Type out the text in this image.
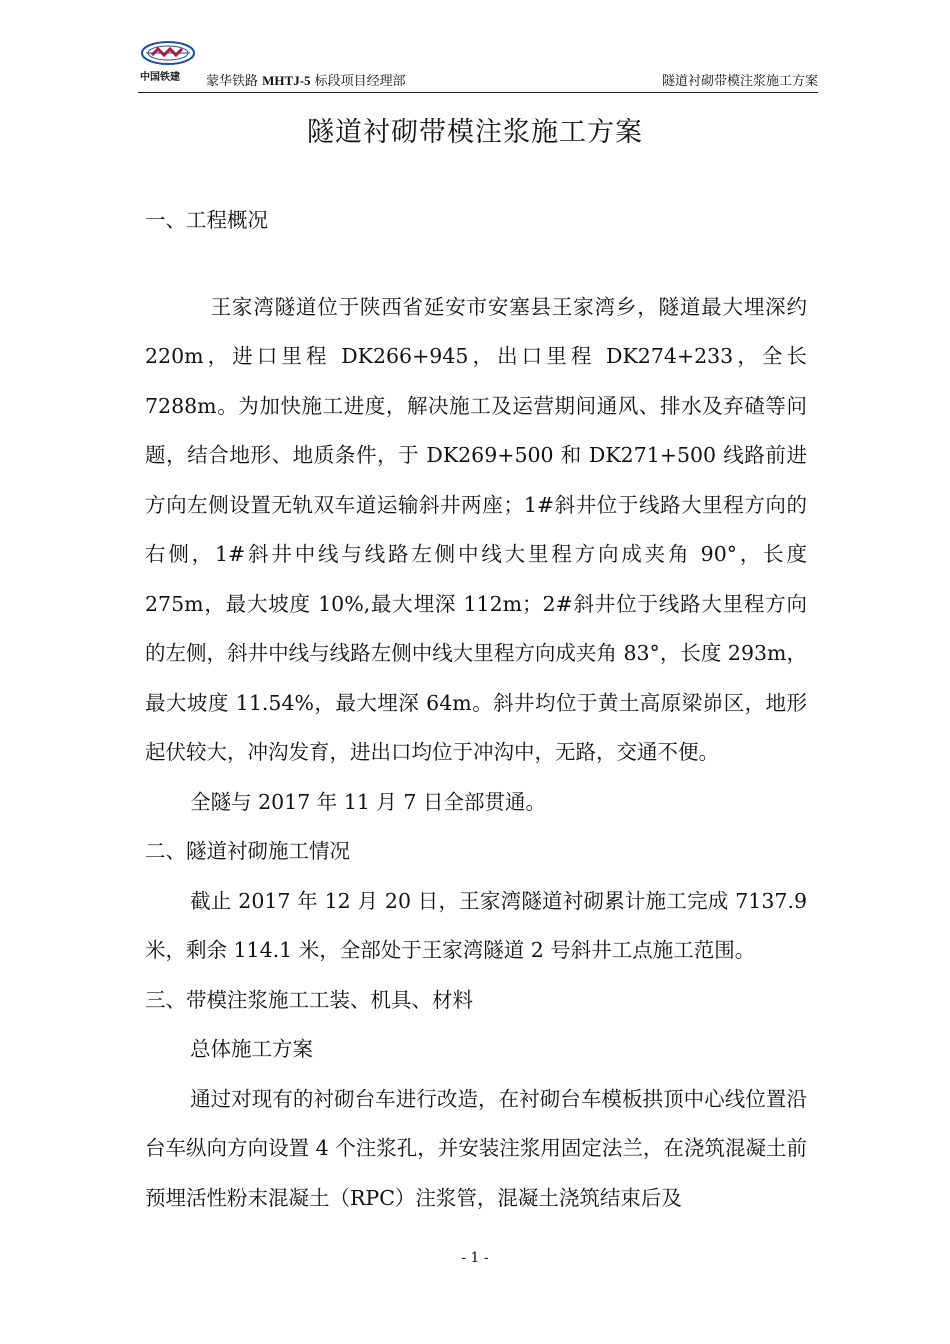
中国铁建 蒙华铁路 MHTJ-5 标段项目经理部	隧道衬砌带模注浆施工方案
隧道衬砌带模注浆施工方案

一、工程概况

王家湾隧道位于陕西省延安市安塞县王家湾乡，隧道最大埋深约 220m，进口里程 DK266+945，出口里程 DK274+233，全长 7288m。为加快施工进度，解决施工及运营期间通风、排水及弃碴等问题，结合地形、地质条件，于 DK269+500 和 DK271+500 线路前进方向左侧设置无轨双车道运输斜井两座；1#斜井位于线路大里程方向的右侧，1#斜井中线与线路左侧中线大里程方向成夹角 90°，长度 275m，最大坡度 10%,最大埋深 112m；2#斜井位于线路大里程方向的左侧，斜井中线与线路左侧中线大里程方向成夹角 83°，长度 293m，最大坡度 11.54%，最大埋深 64m。斜井均位于黄土高原梁峁区，地形起伏较大，冲沟发育，进出口均位于冲沟中，无路，交通不便。

全隧与 2017 年 11 月 7 日全部贯通。

二、隧道衬砌施工情况

截止 2017 年 12 月 20 日，王家湾隧道衬砌累计施工完成 7137.9 米，剩余 114.1 米，全部处于王家湾隧道 2 号斜井工点施工范围。

三、带模注浆施工工装、机具、材料

总体施工方案

通过对现有的衬砌台车进行改造，在衬砌台车模板拱顶中心线位置沿台车纵向方向设置 4 个注浆孔，并安装注浆用固定法兰，在浇筑混凝土前预埋活性粉末混凝土（RPC）注浆管，混凝土浇筑结束后及

- 1 -
